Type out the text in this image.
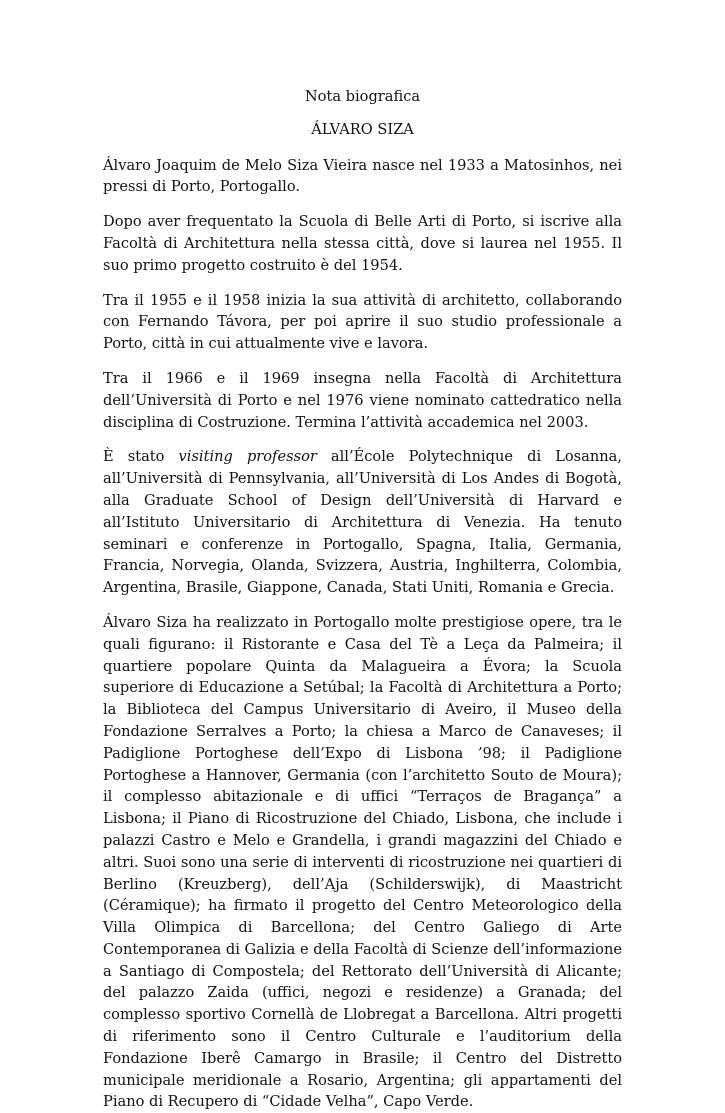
Nota biografica
ÁLVARO SIZA

Álvaro Joaquim de Melo Siza Vieira nasce nel 1933 a Matosinhos, nei pressi di Porto, Portogallo.

Dopo aver frequentato la Scuola di Belle Arti di Porto, si iscrive alla Facoltà di Architettura nella stessa città, dove si laurea nel 1955. Il suo primo progetto costruito è del 1954.

Tra il 1955 e il 1958 inizia la sua attività di architetto, collaborando con Fernando Távora, per poi aprire il suo studio professionale a Porto, città in cui attualmente vive e lavora.

Tra il 1966 e il 1969 insegna nella Facoltà di Architettura dell’Università di Porto e nel 1976 viene nominato cattedratico nella disciplina di Costruzione. Termina l’attività accademica nel 2003.

È stato visiting professor all’École Polytechnique di Losanna, all’Università di Pennsylvania, all’Università di Los Andes di Bogotà, alla Graduate School of Design dell’Università di Harvard e all’Istituto Universitario di Architettura di Venezia. Ha tenuto seminari e conferenze in Portogallo, Spagna, Italia, Germania, Francia, Norvegia, Olanda, Svizzera, Austria, Inghilterra, Colombia, Argentina, Brasile, Giappone, Canada, Stati Uniti, Romania e Grecia.

Álvaro Siza ha realizzato in Portogallo molte prestigiose opere, tra le quali figurano: il Ristorante e Casa del Tè a Leça da Palmeira; il quartiere popolare Quinta da Malagueira a Évora; la Scuola superiore di Educazione a Setúbal; la Facoltà di Architettura a Porto; la Biblioteca del Campus Universitario di Aveiro, il Museo della Fondazione Serralves a Porto; la chiesa a Marco de Canaveses; il Padiglione Portoghese dell’Expo di Lisbona ’98; il Padiglione Portoghese a Hannover, Germania (con l’architetto Souto de Moura); il complesso abitazionale e di uffici “Terraços de Bragança” a Lisbona; il Piano di Ricostruzione del Chiado, Lisbona, che include i palazzi Castro e Melo e Grandella, i grandi magazzini del Chiado e altri. Suoi sono una serie di interventi di ricostruzione nei quartieri di Berlino (Kreuzberg), dell’Aja (Schilderswijk), di Maastricht (Céramique); ha firmato il progetto del Centro Meteorologico della Villa Olimpica di Barcellona; del Centro Galiego di Arte Contemporanea di Galizia e della Facoltà di Scienze dell’informazione a Santiago di Compostela; del Rettorato dell’Università di Alicante; del palazzo Zaida (uffici, negozi e residenze) a Granada; del complesso sportivo Cornellà de Llobregat a Barcellona. Altri progetti di riferimento sono il Centro Culturale e l’auditorium della Fondazione Iberê Camargo in Brasile; il Centro del Distretto municipale meridionale a Rosario, Argentina; gli appartamenti del Piano di Recupero di “Cidade Velha”, Capo Verde.
